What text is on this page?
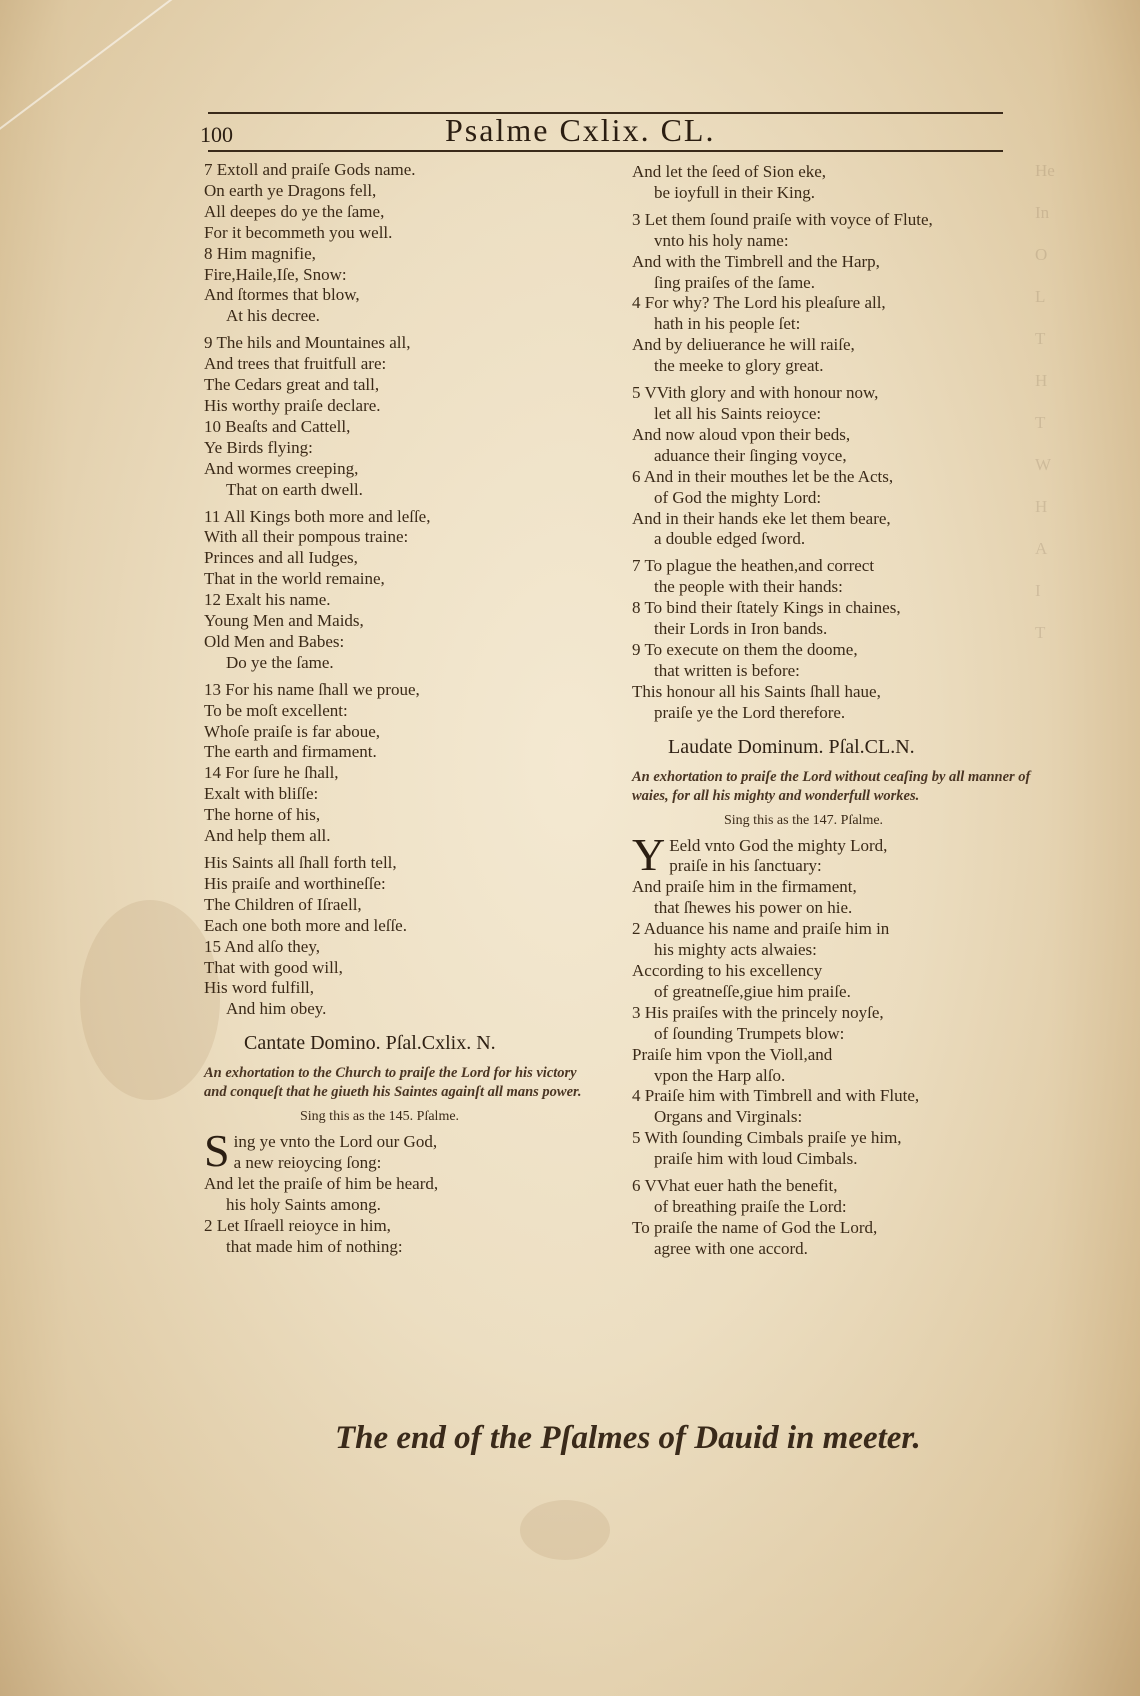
He
In
O
L
T
H
T
W
H
A
I
T
100	Psalme Cxlix. CL.
7 Extoll and praiſe Gods name.
On earth ye Dragons fell,
All deepes do ye the ſame,
For it becommeth you well.
8 Him magnifie,
Fire,Haile,Iſe, Snow:
And ſtormes that blow,
At his decree.
9 The hils and Mountaines all,
And trees that fruitfull are:
The Cedars great and tall,
His worthy praiſe declare.
10 Beaſts and Cattell,
Ye Birds flying:
And wormes creeping,
That on earth dwell.
11 All Kings both more and leſſe,
With all their pompous traine:
Princes and all Iudges,
That in the world remaine,
12 Exalt his name.
Young Men and Maids,
Old Men and Babes:
Do ye the ſame.
13 For his name ſhall we proue,
To be moſt excellent:
Whoſe praiſe is far aboue,
The earth and firmament.
14 For ſure he ſhall,
Exalt with bliſſe:
The horne of his,
And help them all.
His Saints all ſhall forth tell,
His praiſe and worthineſſe:
The Children of Iſraell,
Each one both more and leſſe.
15 And alſo they,
That with good will,
His word fulfill,
And him obey.
Cantate Domino. Pſal.Cxlix. N.
An exhortation to the Church to praiſe the Lord for his victory and conqueſt that he giueth his Saintes againſt all mans power.
Sing this as the 145. Pſalme.
S ing ye vnto the Lord our God,
a new reioycing ſong:
And let the praiſe of him be heard,
his holy Saints among.
2 Let Iſraell reioyce in him,
that made him of nothing:
And let the ſeed of Sion eke,
be ioyfull in their King.
3 Let them ſound praiſe with voyce of Flute,
vnto his holy name:
And with the Timbrell and the Harp,
ſing praiſes of the ſame.
4 For why? The Lord his pleaſure all,
hath in his people ſet:
And by deliuerance he will raiſe,
the meeke to glory great.
5 VVith glory and with honour now,
let all his Saints reioyce:
And now aloud vpon their beds,
aduance their ſinging voyce,
6 And in their mouthes let be the Acts,
of God the mighty Lord:
And in their hands eke let them beare,
a double edged ſword.
7 To plague the heathen,and correct
the people with their hands:
8 To bind their ſtately Kings in chaines,
their Lords in Iron bands.
9 To execute on them the doome,
that written is before:
This honour all his Saints ſhall haue,
praiſe ye the Lord therefore.
Laudate Dominum. Pſal.CL.N.
An exhortation to praiſe the Lord without ceaſing by all manner of waies, for all his mighty and wonderfull workes.
Sing this as the 147. Pſalme.
Y Eeld vnto God the mighty Lord,
praiſe in his ſanctuary:
And praiſe him in the firmament,
that ſhewes his power on hie.
2 Aduance his name and praiſe him in
his mighty acts alwaies:
According to his excellency
of greatneſſe,giue him praiſe.
3 His praiſes with the princely noyſe,
of ſounding Trumpets blow:
Praiſe him vpon the Violl,and
vpon the Harp alſo.
4 Praiſe him with Timbrell and with Flute,
Organs and Virginals:
5 With ſounding Cimbals praiſe ye him,
praiſe him with loud Cimbals.
6 VVhat euer hath the benefit,
of breathing praiſe the Lord:
To praiſe the name of God the Lord,
agree with one accord.
The end of the Pſalmes of Dauid in meeter.
